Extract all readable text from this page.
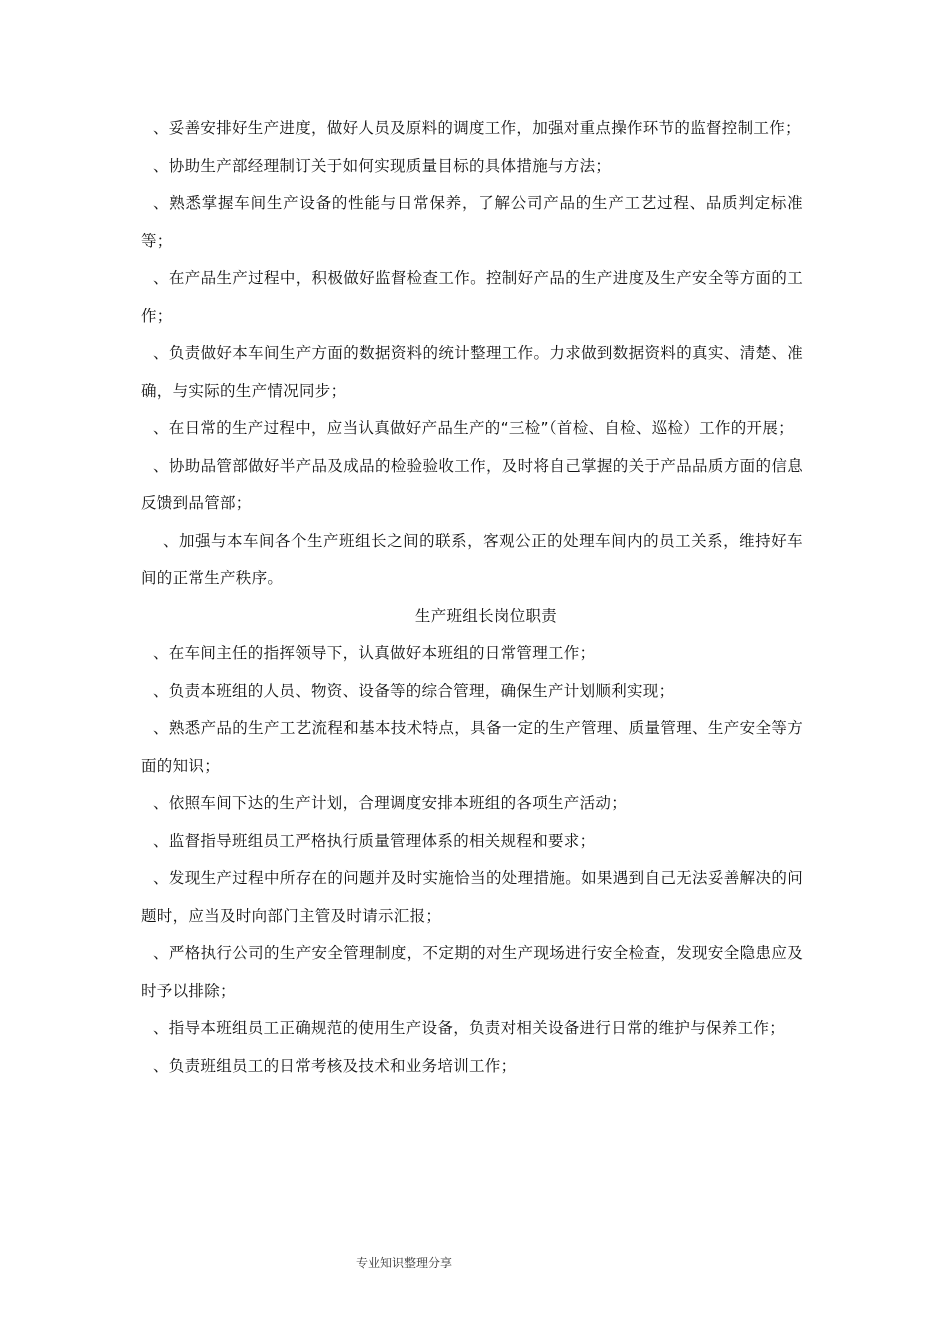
、妥善安排好生产进度，做好人员及原料的调度工作，加强对重点操作环节的监督控制工作；

、协助生产部经理制订关于如何实现质量目标的具体措施与方法；

、熟悉掌握车间生产设备的性能与日常保养，了解公司产品的生产工艺过程、品质判定标准等；

、在产品生产过程中，积极做好监督检查工作。控制好产品的生产进度及生产安全等方面的工作；

、负责做好本车间生产方面的数据资料的统计整理工作。力求做到数据资料的真实、清楚、准确，与实际的生产情况同步；

、在日常的生产过程中，应当认真做好产品生产的“三检”（首检、自检、巡检）工作的开展；

、协助品管部做好半产品及成品的检验验收工作，及时将自己掌握的关于产品品质方面的信息反馈到品管部；

、加强与本车间各个生产班组长之间的联系，客观公正的处理车间内的员工关系，维持好车间的正常生产秩序。

生产班组长岗位职责

、在车间主任的指挥领导下，认真做好本班组的日常管理工作；

、负责本班组的人员、物资、设备等的综合管理，确保生产计划顺利实现；

、熟悉产品的生产工艺流程和基本技术特点，具备一定的生产管理、质量管理、生产安全等方面的知识；

、依照车间下达的生产计划，合理调度安排本班组的各项生产活动；

、监督指导班组员工严格执行质量管理体系的相关规程和要求；

、发现生产过程中所存在的问题并及时实施恰当的处理措施。如果遇到自己无法妥善解决的问题时，应当及时向部门主管及时请示汇报；

、严格执行公司的生产安全管理制度，不定期的对生产现场进行安全检查，发现安全隐患应及时予以排除；

、指导本班组员工正确规范的使用生产设备，负责对相关设备进行日常的维护与保养工作；

、负责班组员工的日常考核及技术和业务培训工作；

专业知识整理分享
